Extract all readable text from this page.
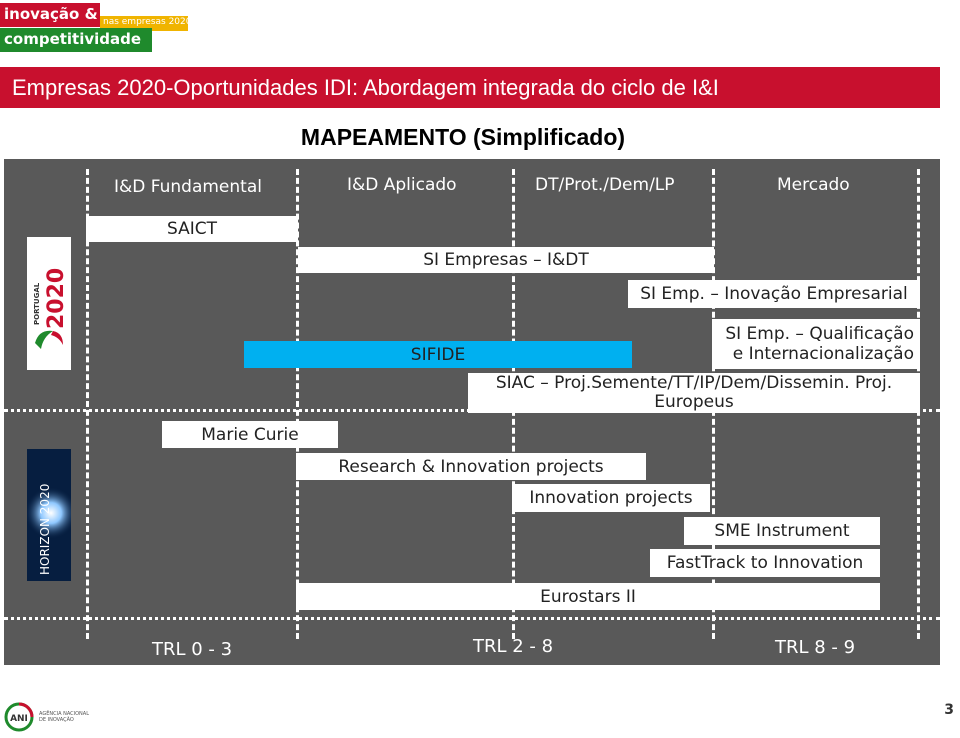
inovação & nas empresas 2020
competitividade
Empresas 2020-Oportunidades IDI: Abordagem integrada do ciclo de I&I
MAPEAMENTO (Simplificado)
I&D Fundamental	I&D Aplicado	DT/Prot./Dem/LP	Mercado
PORTUGAL 2020
HORIZON 2020
SAICT
SI Empresas – I&DT
SI Emp. – Inovação Empresarial
SI Emp. – Qualificação
e Internacionalização
SIFIDE
SIAC – Proj.Semente/TT/IP/Dem/Dissemin. Proj.
Europeus
Marie Curie
Research & Innovation projects
Innovation projects
SME Instrument
FastTrack to Innovation
Eurostars II
TRL 0 - 3	TRL 2 - 8	TRL 8 - 9
ANI
AGÊNCIA NACIONAL
DE INOVAÇÃO
3
